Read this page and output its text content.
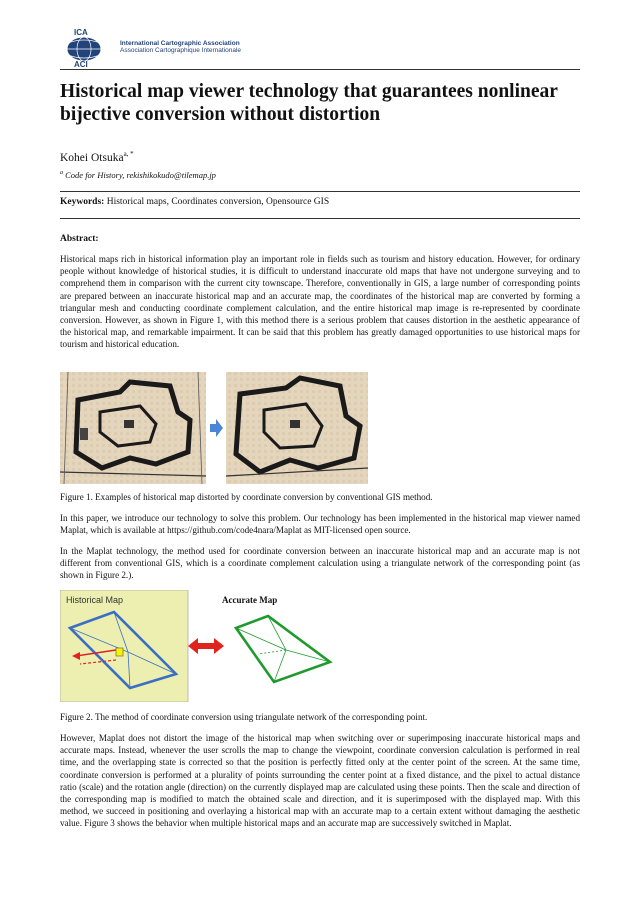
ICA
ACI
International Cartographic Association
Association Cartographique Internationale
Historical map viewer technology that guarantees nonlinear bijective conversion without distortion
Kohei Otsuka$^{a, *}$
$^a$ Code for History, rekishikokudo@tilemap.jp
Keywords: Historical maps, Coordinates conversion, Opensource GIS
Abstract:
Historical maps rich in historical information play an important role in fields such as tourism and history education. However, for ordinary people without knowledge of historical studies, it is difficult to understand inaccurate old maps that have not undergone surveying and to comprehend them in comparison with the current city townscape. Therefore, conventionally in GIS, a large number of corresponding points are prepared between an inaccurate historical map and an accurate map, the coordinates of the historical map are converted by forming a triangular mesh and conducting coordinate complement calculation, and the entire historical map image is re-represented by coordinate conversion. However, as shown in Figure 1, with this method there is a serious problem that causes distortion in the aesthetic appearance of the historical map, and remarkable impairment. It can be said that this problem has greatly damaged opportunities to use historical maps for tourism and historical education.
Figure 1. Examples of historical map distorted by coordinate conversion by conventional GIS method.
In this paper, we introduce our technology to solve this problem. Our technology has been implemented in the historical map viewer named Maplat, which is available at https://github.com/code4nara/Maplat as MIT-licensed open source.
In the Maplat technology, the method used for coordinate conversion between an inaccurate historical map and an accurate map is not different from conventional GIS, which is a coordinate complement calculation using a triangulate network of the corresponding point (as shown in Figure 2.).
Historical Map	Accurate Map
Figure 2. The method of coordinate conversion using triangulate network of the corresponding point.
However, Maplat does not distort the image of the historical map when switching over or superimposing inaccurate historical maps and accurate maps. Instead, whenever the user scrolls the map to change the viewpoint, coordinate conversion calculation is performed in real time, and the overlapping state is corrected so that the position is perfectly fitted only at the center point of the screen. At the same time, coordinate conversion is performed at a plurality of points surrounding the center point at a fixed distance, and the pixel to actual distance ratio (scale) and the rotation angle (direction) on the currently displayed map are calculated using these points. Then the scale and direction of the corresponding map is modified to match the obtained scale and direction, and it is superimposed with the displayed map. With this method, we succeed in positioning and overlaying a historical map with an accurate map to a certain extent without damaging the aesthetic value. Figure 3 shows the behavior when multiple historical maps and an accurate map are successively switched in Maplat.
